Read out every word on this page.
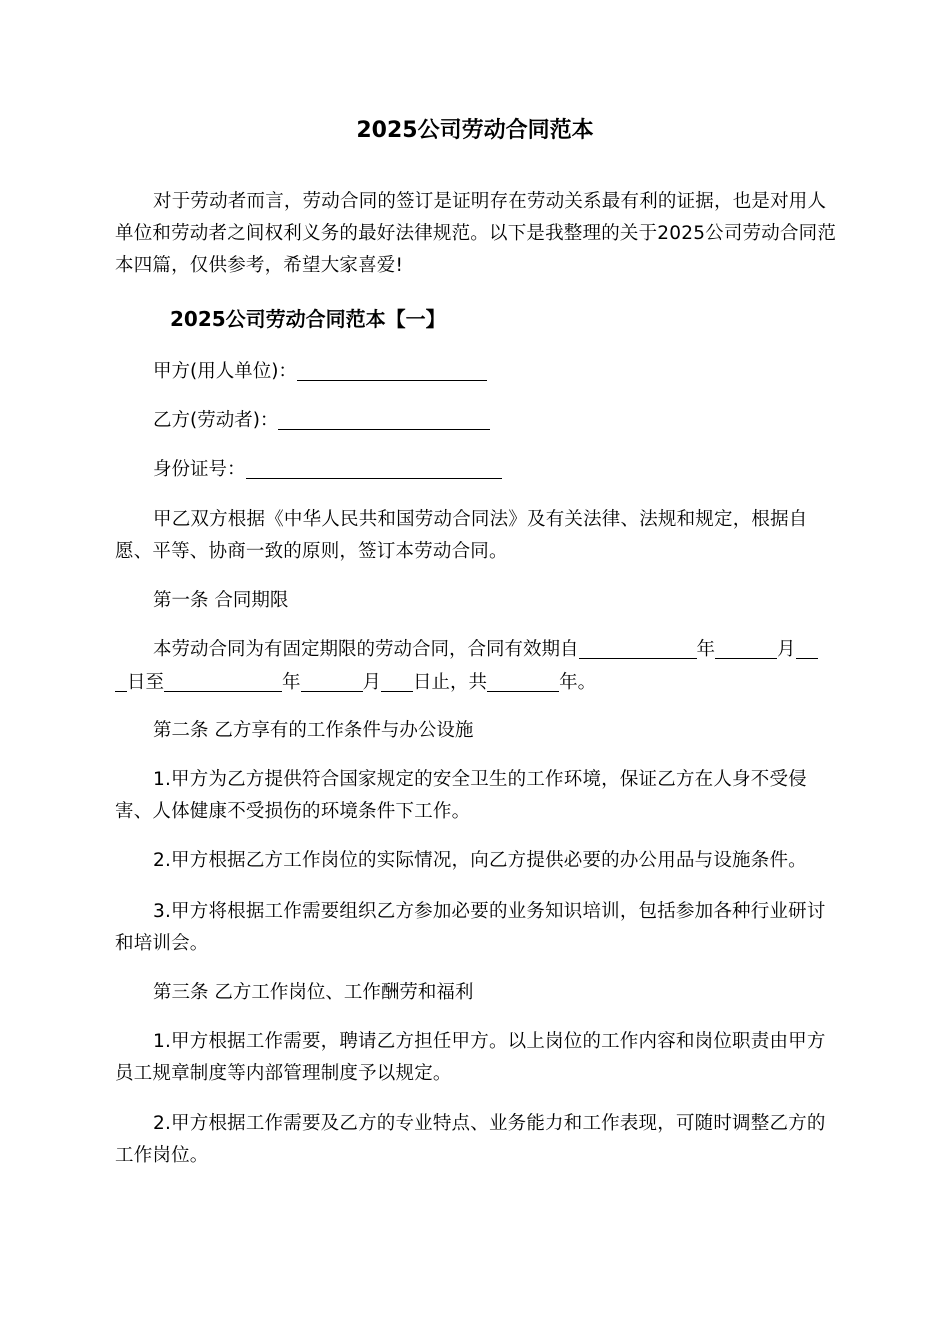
2025公司劳动合同范本
对于劳动者而言，劳动合同的签订是证明存在劳动关系最有利的证据，也是对用人单位和劳动者之间权利义务的最好法律规范。以下是我整理的关于2025公司劳动合同范本四篇，仅供参考，希望大家喜爱!
2025公司劳动合同范本【一】
甲方(用人单位)：
乙方(劳动者)：
身份证号：
甲乙双方根据《中华人民共和国劳动合同法》及有关法律、法规和规定，根据自愿、平等、协商一致的原则，签订本劳动合同。
第一条 合同期限
本劳动合同为有固定期限的劳动合同，合同有效期自	年	月
日至	年	月 日止，共	年。
第二条 乙方享有的工作条件与办公设施
1.甲方为乙方提供符合国家规定的安全卫生的工作环境，保证乙方在人身不受侵害、人体健康不受损伤的环境条件下工作。
2.甲方根据乙方工作岗位的实际情况，向乙方提供必要的办公用品与设施条件。
3.甲方将根据工作需要组织乙方参加必要的业务知识培训，包括参加各种行业研讨和培训会。
第三条 乙方工作岗位、工作酬劳和福利
1.甲方根据工作需要，聘请乙方担任甲方。以上岗位的工作内容和岗位职责由甲方员工规章制度等内部管理制度予以规定。
2.甲方根据工作需要及乙方的专业特点、业务能力和工作表现，可随时调整乙方的工作岗位。
